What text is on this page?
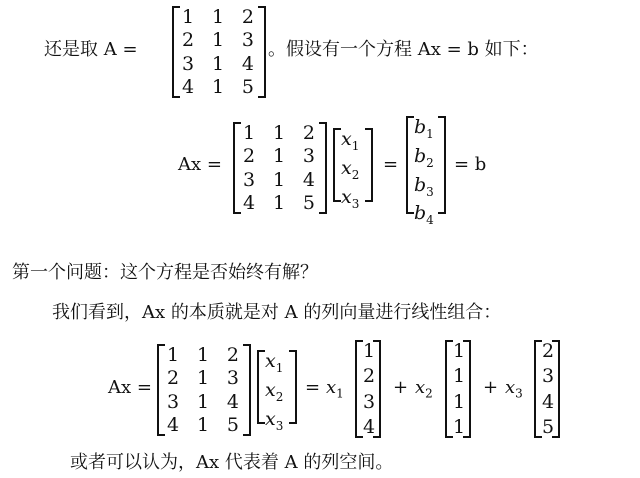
还是取 A =
1 1 2
2 1 3
3 1 4
4 1 5
。假设有一个方程 Ax = b 如下：
Ax =
1 1 2
2 1 3
3 1 4
4 1 5
$x_1$
$x_2$
$x_3$
=
$b_1$
$b_2$
$b_3$
$b_4$
= b
第一个问题：这个方程是否始终有解？
我们看到，Ax 的本质就是对 A 的列向量进行线性组合：
Ax =
1 1 2
2 1 3
3 1 4
4 1 5
$x_1$
$x_2$
$x_3$
= $x_1$
1
2
3
4
+ $x_2$
1
1
1
1
+ $x_3$
2
3
4
5
或者可以认为，Ax 代表着 A 的列空间。
